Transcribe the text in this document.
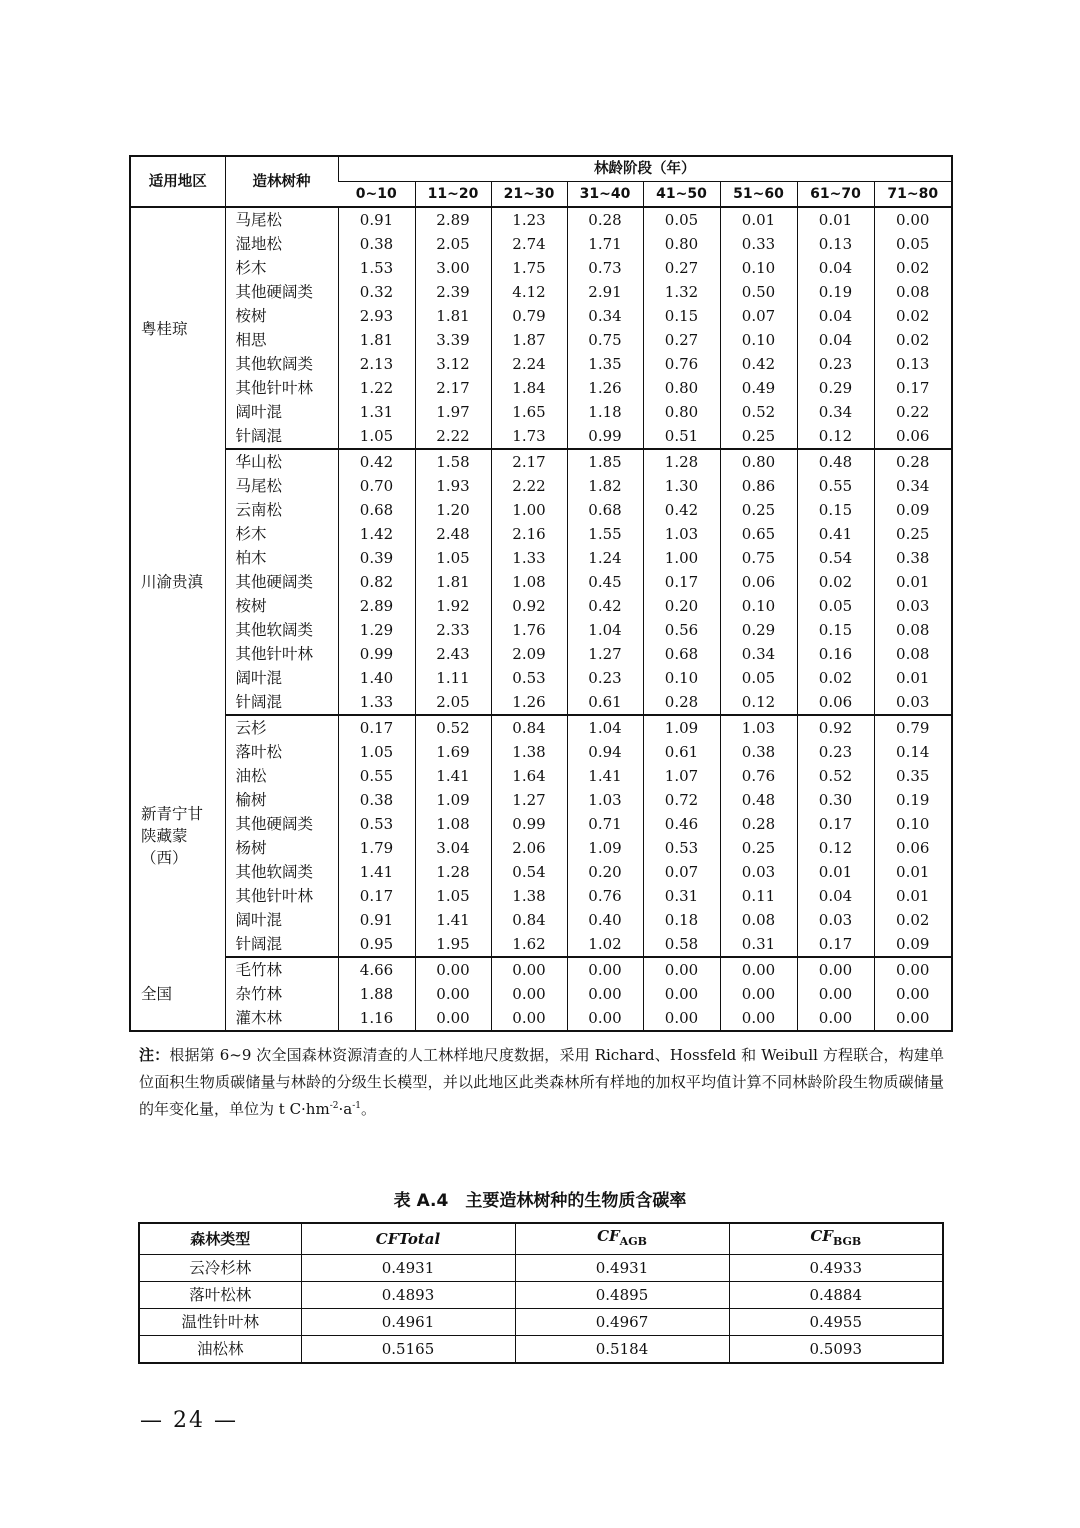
适用地区	造林树种	林龄阶段（年）							
		0~10	11~20	21~30	31~40	41~50	51~60	61~70	71~80
粤桂琼	马尾松	0.91	2.89	1.23	0.28	0.05	0.01	0.01	0.00
	湿地松	0.38	2.05	2.74	1.71	0.80	0.33	0.13	0.05
	杉木	1.53	3.00	1.75	0.73	0.27	0.10	0.04	0.02
	其他硬阔类	0.32	2.39	4.12	2.91	1.32	0.50	0.19	0.08
	桉树	2.93	1.81	0.79	0.34	0.15	0.07	0.04	0.02
	相思	1.81	3.39	1.87	0.75	0.27	0.10	0.04	0.02
	其他软阔类	2.13	3.12	2.24	1.35	0.76	0.42	0.23	0.13
	其他针叶林	1.22	2.17	1.84	1.26	0.80	0.49	0.29	0.17
	阔叶混	1.31	1.97	1.65	1.18	0.80	0.52	0.34	0.22
	针阔混	1.05	2.22	1.73	0.99	0.51	0.25	0.12	0.06
川渝贵滇	华山松	0.42	1.58	2.17	1.85	1.28	0.80	0.48	0.28
	马尾松	0.70	1.93	2.22	1.82	1.30	0.86	0.55	0.34
	云南松	0.68	1.20	1.00	0.68	0.42	0.25	0.15	0.09
	杉木	1.42	2.48	2.16	1.55	1.03	0.65	0.41	0.25
	柏木	0.39	1.05	1.33	1.24	1.00	0.75	0.54	0.38
	其他硬阔类	0.82	1.81	1.08	0.45	0.17	0.06	0.02	0.01
	桉树	2.89	1.92	0.92	0.42	0.20	0.10	0.05	0.03
	其他软阔类	1.29	2.33	1.76	1.04	0.56	0.29	0.15	0.08
	其他针叶林	0.99	2.43	2.09	1.27	0.68	0.34	0.16	0.08
	阔叶混	1.40	1.11	0.53	0.23	0.10	0.05	0.02	0.01
	针阔混	1.33	2.05	1.26	0.61	0.28	0.12	0.06	0.03
新青宁甘陕藏蒙（西）	云杉	0.17	0.52	0.84	1.04	1.09	1.03	0.92	0.79
	落叶松	1.05	1.69	1.38	0.94	0.61	0.38	0.23	0.14
	油松	0.55	1.41	1.64	1.41	1.07	0.76	0.52	0.35
	榆树	0.38	1.09	1.27	1.03	0.72	0.48	0.30	0.19
	其他硬阔类	0.53	1.08	0.99	0.71	0.46	0.28	0.17	0.10
	杨树	1.79	3.04	2.06	1.09	0.53	0.25	0.12	0.06
	其他软阔类	1.41	1.28	0.54	0.20	0.07	0.03	0.01	0.01
	其他针叶林	0.17	1.05	1.38	0.76	0.31	0.11	0.04	0.01
	阔叶混	0.91	1.41	0.84	0.40	0.18	0.08	0.03	0.02
	针阔混	0.95	1.95	1.62	1.02	0.58	0.31	0.17	0.09
全国	毛竹林	4.66	0.00	0.00	0.00	0.00	0.00	0.00	0.00
	杂竹林	1.88	0.00	0.00	0.00	0.00	0.00	0.00	0.00
	灌木林	1.16	0.00	0.00	0.00	0.00	0.00	0.00	0.00
注：根据第 6~9 次全国森林资源清查的人工林样地尺度数据，采用 Richard、Hossfeld 和 Weibull 方程联合，构建单位面积生物质碳储量与林龄的分级生长模型，并以此地区此类森林所有样地的加权平均值计算不同林龄阶段生物质碳储量的年变化量，单位为 t $C\cdot hm^{-2}\cdot a^{-1}$。
表 A.4　主要造林树种的生物质含碳率
森林类型	CFTotal	$CF_{AGB}$	$CF_{BGB}$
云冷杉林	0.4931	0.4931	0.4933
落叶松林	0.4893	0.4895	0.4884
温性针叶林	0.4961	0.4967	0.4955
油松林	0.5165	0.5184	0.5093
— 24 —
